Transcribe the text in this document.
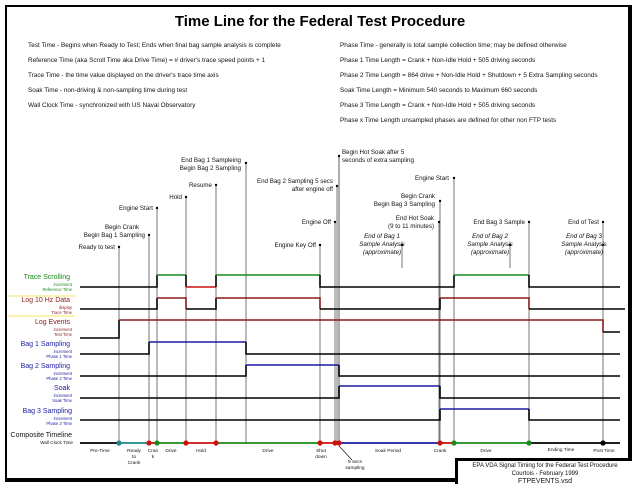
Time Line for the Federal Test Procedure
Test Time - Begins when Ready to Test; Ends when final bag sample analysis is complete
Reference Time (aka Scroll Time aka Drive Time) = # driver's trace speed points + 1
Trace Time - the time value displayed on the driver's trace time axis
Soak Time - non-driving & non-sampling time during test
Wall Clock Time - synchronized with US Naval Observatory
Phase Time - generally is total sample collection time; may be defined otherwise
Phase 1 Time Length = Crank + Non-Idle Hold + 505 driving seconds
Phase 2 Time Length = 864 drive + Non-Idle Hold + Shutdown + 5 Extra Sampling seconds
Soak Time Length = Minimum 540 seconds to Maximum 660 seconds
Phase 3 Time Length = Crank + Non-Idle Hold + 505 driving seconds
Phase x Time Length unsampled phases are defined for other non FTP tests
Ready to test
Begin Crank
Begin Bag 1 Sampling
Engine Start
Hold
Resume
End Bag 1 Sampleing
Begin Bag 2 Sampling
End Bag 2 Sampling 5 secs
after engine off
Engine Key Off
Engine Off
Engine Start
Begin Crank
Begin Bag 3 Sampling
End Hot Soak
(9 to 11 minutes)
End Bag 3 Sample	End of Test
Begin Hot Soak after 5
seconds of extra sampling
End of Bag 1
Sample Analysis
(approximate)
End of Bag 2
Sample Analysis
(approximate)
End of Bag 3
Sample Analysis
(approximate)
Trace Scrolling
increment
Reference Time
Log 10 Hz Data
display
Trace Time
Log Events
increment
Test Time
Bag 1 Sampling
increment
Phase 1 Time
Bag 2 Sampling
increment
Phase 2 Time
Soak
increment
Soak Time
Bag 3 Sampling
increment
Phase 3 Time
Composite Timeline
Wall Clock Time
Pre-Time	Ready
to
Crank
Cran
k
Drive	Hold	Drive	Shut
down
5 secs
sampling
Soak Period	Crank	Drive	Ending Time	Post Time
EPA VDA Signal Timing for the Federal Test Procedure
Courtois - February 1999
FTPEVENTS.vsd
